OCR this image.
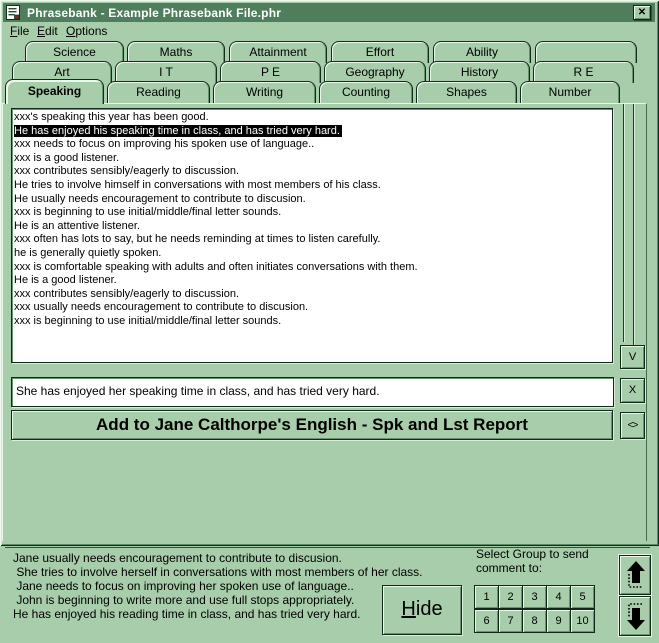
Phrasebank - Example Phrasebank File.phr	✕
File Edit Options
Science	Maths	Attainment	Effort	Ability
Art	I T	P E	Geography	History	R E
Speaking	Reading	Writing	Counting	Shapes	Number
xxx's speaking this year has been good.
He has enjoyed his speaking time in class, and has tried very hard.
xxx needs to focus on improving his spoken use of language..
xxx is a good listener.
xxx contributes sensibly/eagerly to discussion.
He tries to involve himself in conversations with most members of his class.
He usually needs encouragement to contribute to discusion.
xxx is beginning to use initial/middle/final letter sounds.
He is an attentive listener.
xxx often has lots to say, but he needs reminding at times to listen carefully.
he is generally quietly spoken.
xxx is comfortable speaking with adults and often initiates conversations with them.
He is a good listener.
xxx contributes sensibly/eagerly to discussion.
xxx usually needs encouragement to contribute to discusion.
xxx is beginning to use initial/middle/final letter sounds.
V
She has enjoyed her speaking time in class, and has tried very hard.	X
Add to Jane Calthorpe's English - Spk and Lst Report	<>
Jane usually needs encouragement to contribute to discusion.
She tries to involve herself in conversations with most members of her class.
Jane needs to focus on improving her spoken use of language..
John is beginning to write more and use full stops appropriately.
He has enjoyed his reading time in class, and has tried very hard.
Select Group to send
comment to:
Hide
1	2	3	4	5
6	7	8	9	10
